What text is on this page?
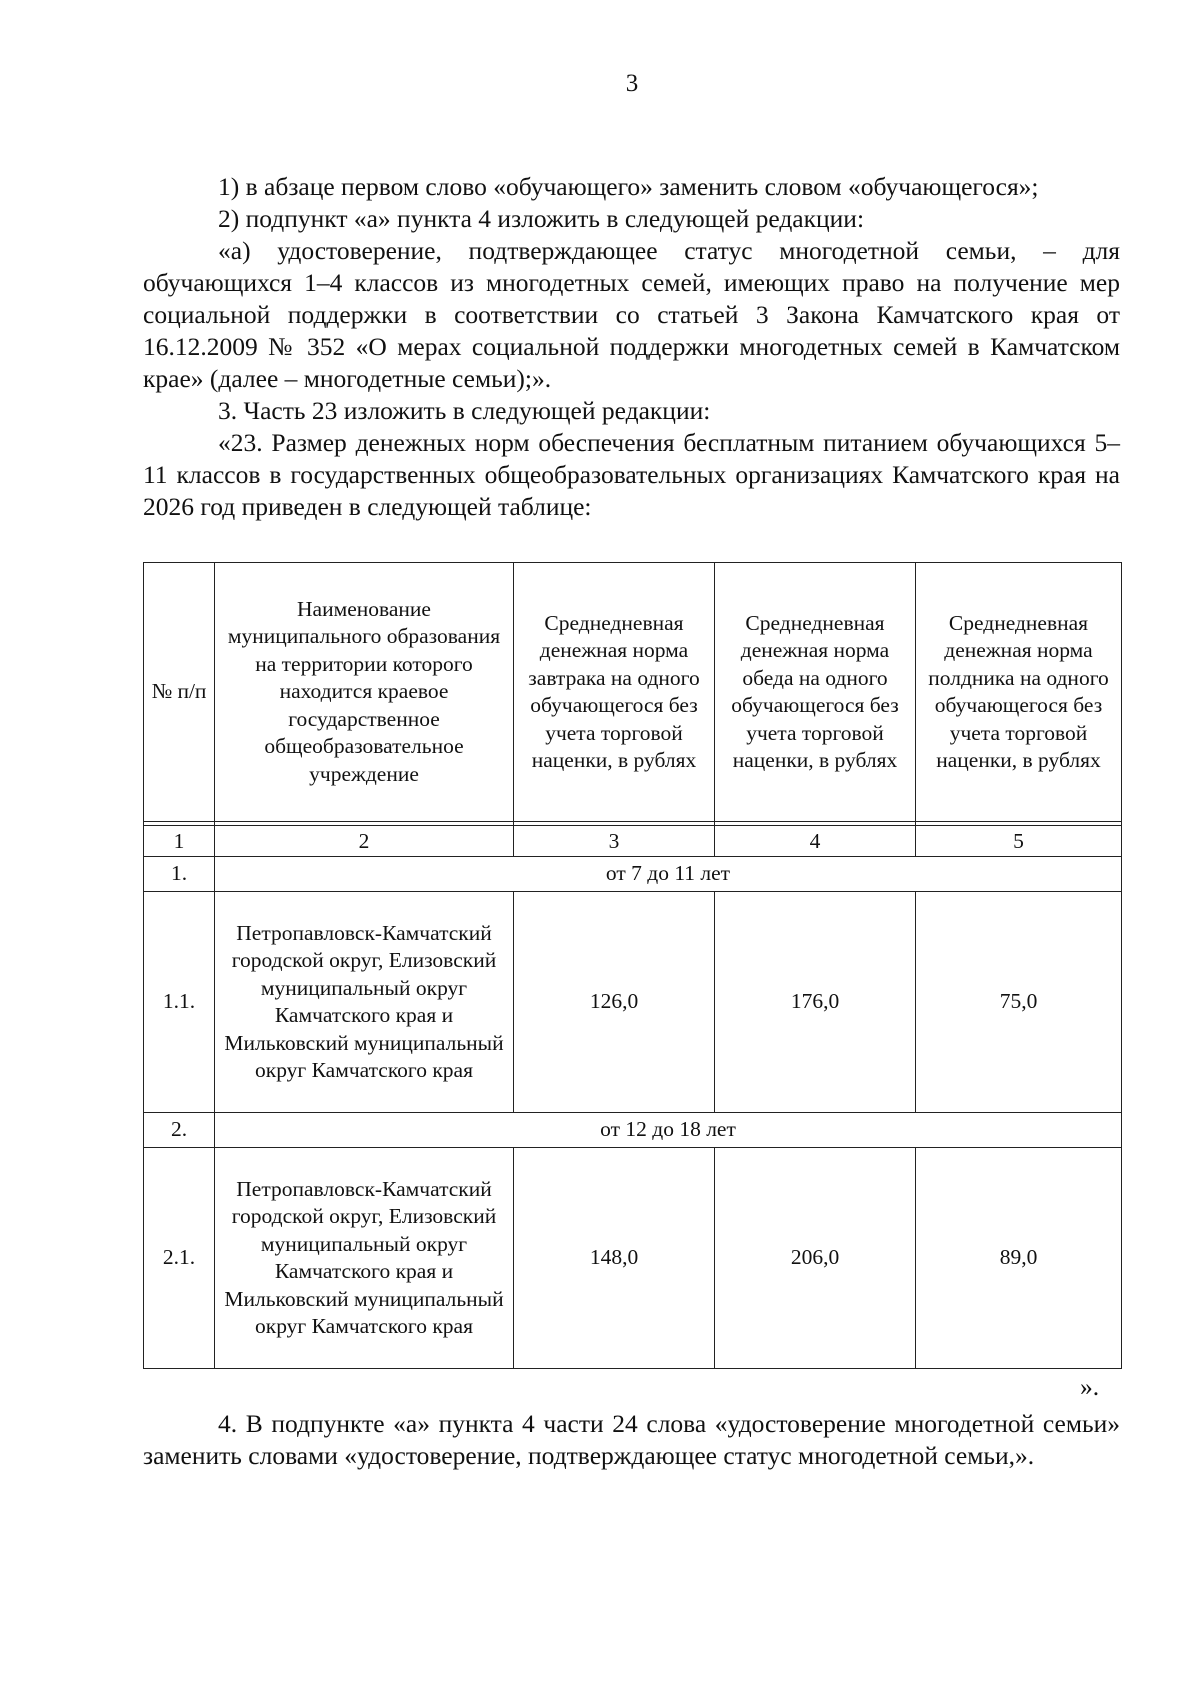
3

1) в абзаце первом слово «обучающего» заменить словом «обучающегося»;

2) подпункт «а» пункта 4 изложить в следующей редакции:

«а) удостоверение, подтверждающее статус многодетной семьи, – для обучающихся 1–4 классов из многодетных семей, имеющих право на получение мер социальной поддержки в соответствии со статьей 3 Закона Камчатского края от 16.12.2009 № 352 «О мерах социальной поддержки многодетных семей в Камчатском крае» (далее – многодетные семьи);».

3. Часть 23 изложить в следующей редакции:

«23. Размер денежных норм обеспечения бесплатным питанием обучающихся 5–11 классов в государственных общеобразовательных организациях Камчатского края на 2026 год приведен в следующей таблице:

№ п/п	Наименование муниципального образования на территории которого находится краевое государственное общеобразовательное учреждение	Среднедневная денежная норма завтрака на одного обучающегося без учета торговой наценки, в рублях	Среднедневная денежная норма обеда на одного обучающегося без учета торговой наценки, в рублях	Среднедневная денежная норма полдника на одного обучающегося без учета торговой наценки, в рублях

1	2	3	4	5
1.	от 7 до 11 лет			
1.1.	Петропавловск-Камчатский городской округ, Елизовский муниципальный округ Камчатского края и Мильковский муниципальный округ Камчатского края	126,0	176,0	75,0
2.	от 12 до 18 лет			
2.1.	Петропавловск-Камчатский городской округ, Елизовский муниципальный округ Камчатского края и Мильковский муниципальный округ Камчатского края	148,0	206,0	89,0
».

4. В подпункте «а» пункта 4 части 24 слова «удостоверение многодетной семьи» заменить словами «удостоверение, подтверждающее статус многодетной семьи,».
